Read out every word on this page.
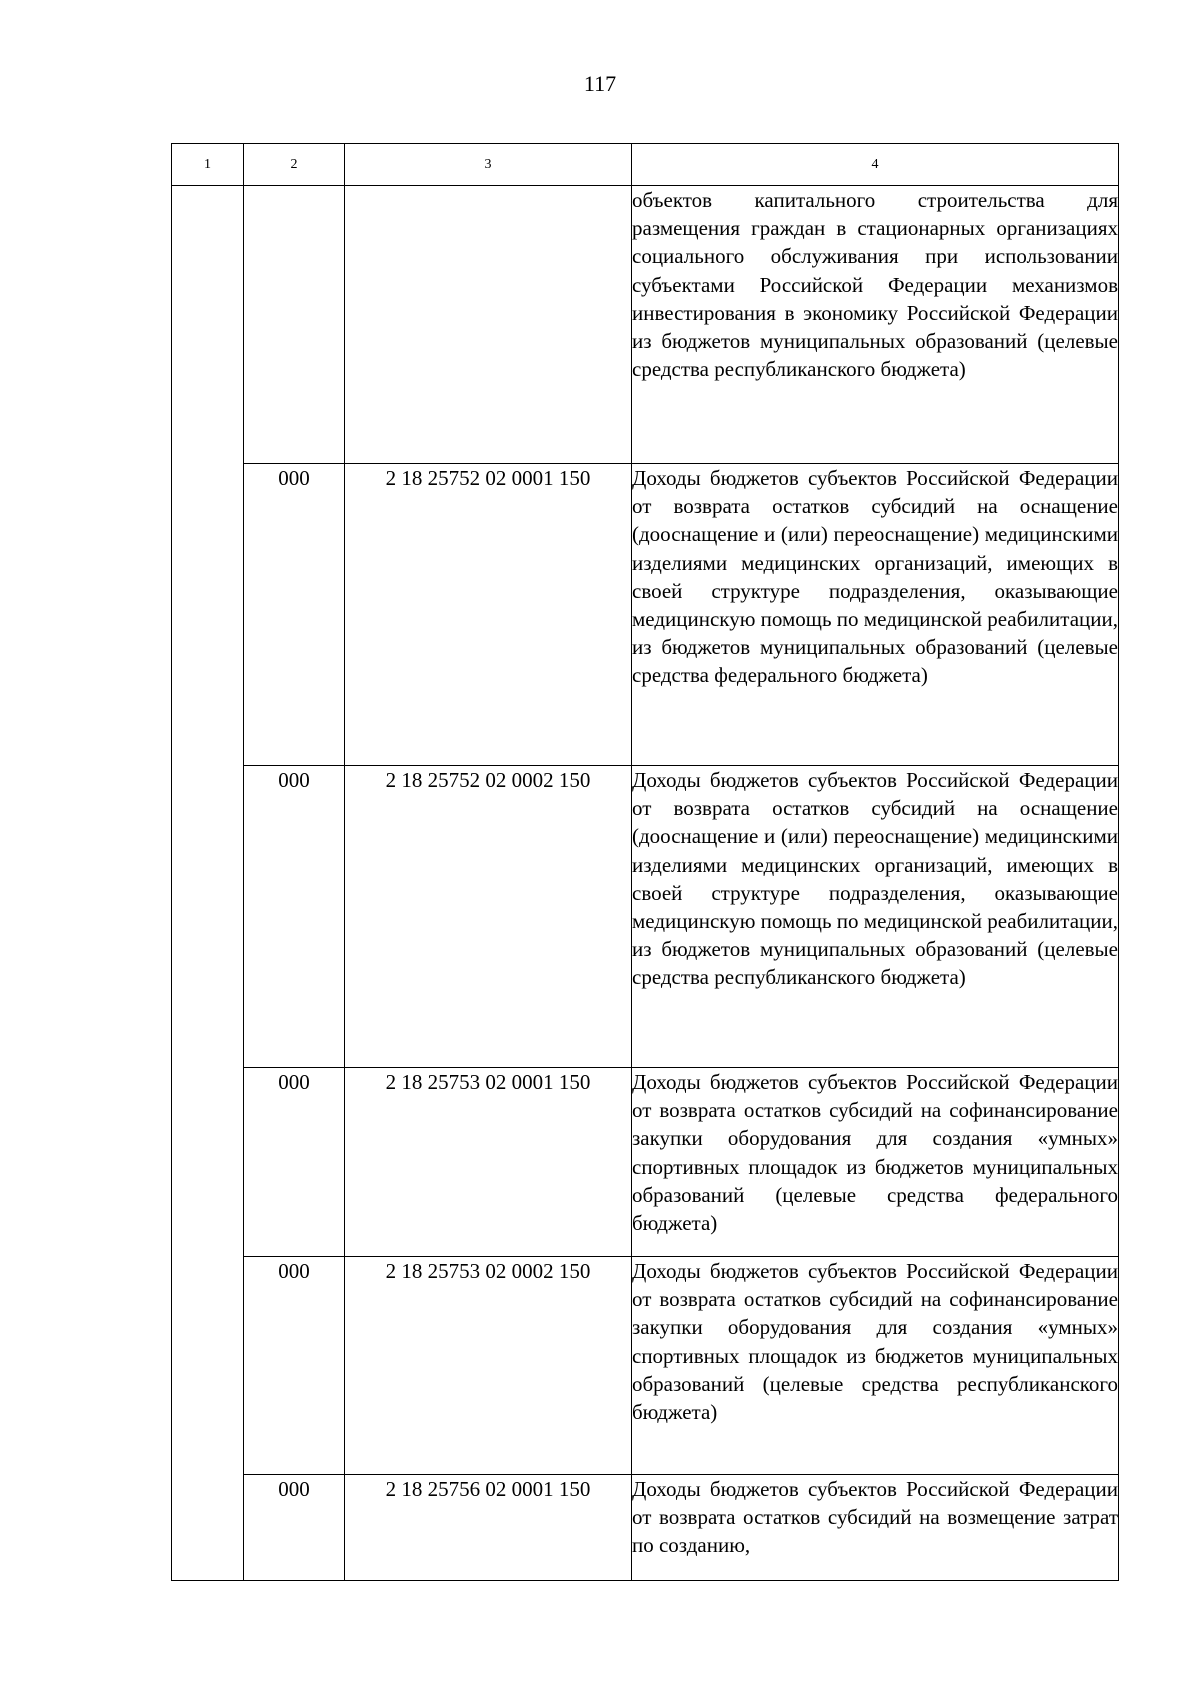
117
1	2	3	4
			объектов капитального строительства для размещения граждан в стационарных организациях социального обслуживания при использовании субъектами Российской Федерации механизмов инвестирования в экономику Российской Федерации из бюджетов муниципальных образований (целевые средства республиканского бюджета)
	000	2 18 25752 02 0001 150	Доходы бюджетов субъектов Российской Федерации от возврата остатков субсидий на оснащение (дооснащение и (или) переоснащение) медицинскими изделиями медицинских организаций, имеющих в своей структуре подразделения, оказывающие медицинскую помощь по медицинской реабилитации, из бюджетов муниципальных образований (целевые средства федерального бюджета)
	000	2 18 25752 02 0002 150	Доходы бюджетов субъектов Российской Федерации от возврата остатков субсидий на оснащение (дооснащение и (или) переоснащение) медицинскими изделиями медицинских организаций, имеющих в своей структуре подразделения, оказывающие медицинскую помощь по медицинской реабилитации, из бюджетов муниципальных образований (целевые средства республиканского бюджета)
	000	2 18 25753 02 0001 150	Доходы бюджетов субъектов Российской Федерации от возврата остатков субсидий на софинансирование закупки оборудования для создания «умных» спортивных площадок из бюджетов муниципальных образований (целевые средства федерального бюджета)
	000	2 18 25753 02 0002 150	Доходы бюджетов субъектов Российской Федерации от возврата остатков субсидий на софинансирование закупки оборудования для создания «умных» спортивных площадок из бюджетов муниципальных образований (целевые средства республиканского бюджета)
	000	2 18 25756 02 0001 150	Доходы бюджетов субъектов Российской Федерации от возврата остатков субсидий на возмещение затрат по созданию,
